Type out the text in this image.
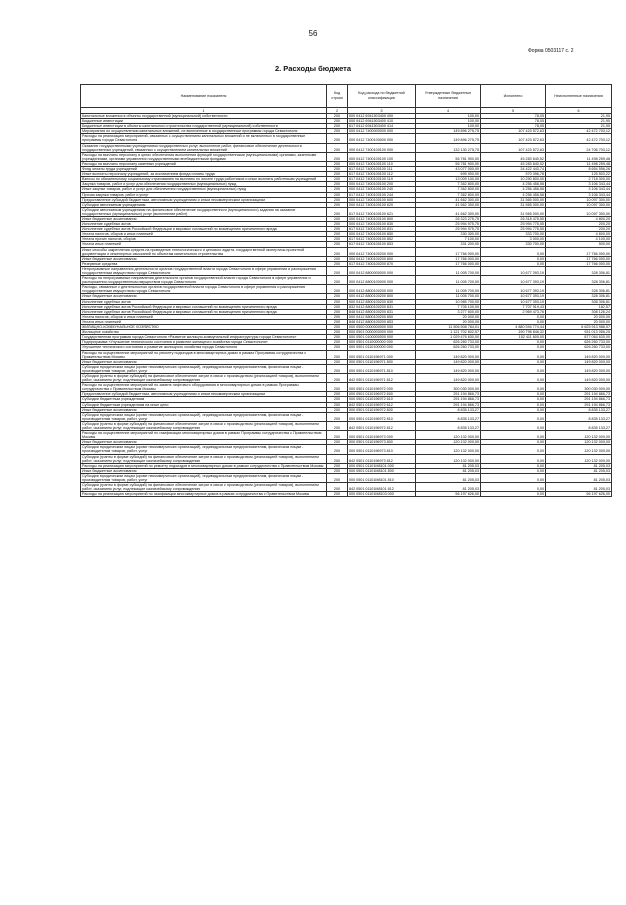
56
Форма 0503117 с. 2
2. Расходы бюджета
Наименование показателя	Код строки	Код расхода по бюджетной классификации	Утвержденные бюджетные назначения	Исполнено	Неисполненные назначения
1	2	3	4	5	6
Капитальные вложения в объекты государственной (муниципальной) собственности	200	000 0412 6941503400 400	100,00	78,05	21,95
Бюджетные инвестиции	200	000 0412 6941503400 410	100,00	78,05	21,95
Бюджетные инвестиции в объекты капитального строительства государственной (муниципальной) собственности	200	617 0412 6941503400 414	100,00	78,05	21,95
Мероприятия по осуществлению капитальных вложений, не включенные в государственные программы города Севастополя	200	000 0412 7400000000 000	149 896 275,75	107 423 572,63	42 472 703,12
Расходы на реализацию мероприятий, связанных с осуществлением капитальных вложений и не включенных в государственные программы города Севастополя	200	000 0412 7400100000 000	149 896 275,75	107 423 572,63	42 472 703,12
Оказание государственными учреждениями государственных услуг, выполнение работ, финансовое обеспечение деятельности государственных учреждений, связанных с осуществлением капитальных вложений	200	000 0412 7400100100 000	132 130 275,75	107 423 572,63	24 706 703,12
Расходы на выплаты персоналу в целях обеспечения выполнения функций государственными (муниципальными) органами, казенными учреждениями, органами управления государственными внебюджетными фондами	200	000 0412 7400100100 100	56 781 900,00	45 283 640,52	11 498 259,48
Расходы на выплаты персоналу казенных учреждений	200	000 0412 7400100100 110	56 781 900,00	45 283 640,52	11 498 259,48
Фонд оплаты труда учреждений	200	617 0412 7400100100 111	43 077 000,00	34 422 443,74	8 654 556,26
Иные выплаты персоналу учреждений, за исключением фонда оплаты труда	200	617 0412 7400100100 112	695 900,00	570 396,78	125 503,22
Взносы по обязательному социальному страхованию на выплаты по оплате труда работников и иные выплаты работникам учреждений	200	617 0412 7400100100 119	13 009 100,00	10 290 800,00	2 718 300,00
Закупка товаров, работ и услуг для обеспечения государственных (муниципальных) нужд	200	000 0412 7400100100 200	7 362 800,00	4 256 456,56	3 106 343,44
Иные закупки товаров, работ и услуг для обеспечения государственных (муниципальных) нужд	200	000 0412 7400100100 240	7 362 800,00	4 256 456,56	3 106 343,44
Прочая закупка товаров, работ и услуг	200	617 0412 7400100100 244	7 362 800,00	4 256 456,56	3 106 343,44
Предоставление субсидий бюджетным, автономным учреждениям и иным некоммерческим организациям	200	000 0412 7400100100 600	41 662 300,00	31 565 000,00	10 097 300,00
Субсидии автономным учреждениям	200	000 0412 7400100100 620	41 662 300,00	31 565 000,00	10 097 300,00
Субсидии автономным учреждениям на финансовое обеспечение государственного (муниципального) задания на оказание государственных (муниципальных) услуг (выполнение работ)	200	617 0412 7400100100 621	41 662 300,00	31 565 000,00	10 097 300,00
Иные бюджетные ассигнования	200	000 0412 7400100100 800	26 323 275,75	26 318 475,55	4 800,20
Исполнение судебных актов	200	000 0412 7400100100 830	25 994 975,75	25 994 775,55	200,20
Исполнение судебных актов Российской Федерации и мировых соглашений по возмещению причиненного вреда	200	617 0412 7400100100 831	25 994 975,75	25 994 775,55	200,20
Уплата налогов, сборов и иных платежей	200	000 0412 7400100100 850	330 300,00	333 700,00	4 600,00
Уплата прочих налогов, сборов	200	617 0412 7400100100 852	7 100,00	3 000,00	4 100,00
Уплата иных платежей	200	617 0412 7400100100 853	331 200,00	330 700,00	500,00
Иные способы закрепления средств на проведение технологического и ценового аудита, государственной экспертизы проектной документации и инженерных изысканий по объектам капитального строительства	200	000 0412 7400100200 000	17 766 000,00	0,00	17 766 000,00
Иные бюджетные ассигнования	200	000 0412 7400100200 800	17 766 000,00	0,00	17 766 000,00
Резервные средства	200	617 0412 7400100200 870	17 766 000,00	0,00	17 766 000,00
Непрограммные направления деятельности органов государственной власти города Севастополя в сфере управления и распоряжения государственным имуществом города Севастополя	200	000 0412 8800000000 000	11 005 700,00	10 677 393,19	328 306,81
Расходы на непрограммные направления деятельности органов государственной власти города Севастополя в сфере управления и распоряжения государственным имуществом города Севастополя	200	000 0412 8800100000 000	11 005 700,00	10 677 393,19	328 306,81
Расходы, связанные с деятельностью органов государственной власти города Севастополя в сфере управления и распоряжения государственным имуществом города Севастополя	200	000 0412 8800100200 000	11 005 700,00	10 677 393,19	328 306,81
Иные бюджетные ассигнования	200	000 0412 8800100200 800	11 005 700,00	10 677 393,19	328 306,81
Исполнение судебных актов	200	000 0412 8800100200 830	10 985 700,00	10 677 393,19	308 306,81
Исполнение судебных актов Российской Федерации и мировых соглашений по возмещению причиненного вреда	200	832 0412 8800100200 831	7 705 100,00	7 707 919,43	182,57
Исполнение судебных актов Российской Федерации и мировых соглашений по возмещению причиненного вреда	200	848 0412 8800100200 831	3 277 600,00	2 969 473,76	308 126,24
Уплата налогов, сборов и иных платежей	200	000 0412 8800100200 850	20 000,00	0,00	20 000,00
Уплата иных платежей	200	848 0412 8800100200 853	20 000,00	0,00	20 000,00
ЖИЛИЩНО-КОММУНАЛЬНОЕ ХОЗЯЙСТВО	200	000 0500 0000000000 000	11 506 508 784,01	4 880 594 774,44	6 625 913 988,57
Жилищное хозяйство	200	000 0501 0000000000 000	1 121 702 602,57	190 798 846,32	931 013 056,25
Государственная программа города Севастополя «Развитие жилищно-коммунальной инфраструктуры города Севастополя»	200	000 0501 0100000000 000	1 029 476 630,00	152 411 600,00	877 064 630,00
Подпрограмма «Улучшение технического состояния и развитие жилищного хозяйства города Севастополя»	200	000 0501 0110000000 000	626 260 733,00	0,00	626 260 733,00
Улучшение технического состояния и развитие жилищного хозяйства города Севастополя	200	000 0501 0110100000 000	626 260 733,00	0,00	626 260 733,00
Расходы на осуществление мероприятий по ремонту подъездов в многоквартирных домах в рамках Программы сотрудничества с Правительством Москвы	200	000 0501 0110196971 000	149 820 000,00	0,00	149 820 000,00
Иные бюджетные ассигнования	200	000 0501 0110196971 800	149 820 000,00	0,00	149 820 000,00
Субсидии юридическим лицам (кроме некоммерческих организаций), индивидуальным предпринимателям, физическим лицам - производителям товаров, работ, услуг	200	000 0501 0110196971 810	149 820 000,00	0,00	149 820 000,00
Субсидии (гранты в форме субсидий) на финансовое обеспечение затрат в связи с производством (реализацией товаров), выполнением работ, оказанием услуг, подлежащие казначейскому сопровождению	200	842 0501 0110196971 812	149 820 000,00	0,00	149 820 000,00
Расходы на осуществление мероприятий по замене лифтового оборудования в многоквартирных домах в рамках Программы сотрудничества с Правительством Москвы	200	000 0501 0110196972 000	300 030 000,00	0,00	300 030 000,00
Предоставление субсидий бюджетным, автономным учреждениям и иным некоммерческим организациям	200	000 0501 0110196972 600	291 194 866,73	0,00	291 194 866,73
Субсидии бюджетным учреждениям	200	000 0501 0110196972 610	291 194 866,73	0,00	291 194 866,73
Субсидии бюджетным учреждениям на иные цели	200	842 0501 0110196972 612	291 194 866,73	0,00	291 194 866,73
Иные бюджетные ассигнования	200	000 0501 0110196972 800	8 835 133,27	0,00	8 835 133,27
Субсидии юридическим лицам (кроме некоммерческих организаций), индивидуальным предпринимателям, физическим лицам - производителям товаров, работ, услуг	200	000 0501 0110196972 810	8 835 133,27	0,00	8 835 133,27
Субсидии (гранты в форме субсидий) на финансовое обеспечение затрат в связи с производством (реализацией товаров), выполнением работ, оказанием услуг, подлежащие казначейскому сопровождению	200	842 0501 0110196972 812	8 835 133,27	0,00	8 835 133,27
Расходы на осуществление мероприятий по газификации многоквартирных домов в рамках Программы сотрудничества с Правительством Москвы	200	000 0501 0110196973 000	120 132 000,00	0,00	120 132 000,00
Иные бюджетные ассигнования	200	000 0501 0110196973 800	120 132 000,00	0,00	120 132 000,00
Субсидии юридическим лицам (кроме некоммерческих организаций), индивидуальным предпринимателям, физическим лицам - производителям товаров, работ, услуг	200	000 0501 0110196973 810	120 132 000,00	0,00	120 132 000,00
Субсидии (гранты в форме субсидий) на финансовое обеспечение затрат в связи с производством (реализацией товаров), выполнением работ, оказанием услуг, подлежащие казначейскому сопровождению	200	842 0501 0110196973 812	120 132 000,00	0,00	120 132 000,00
Расходы на реализацию мероприятий по ремонту подъездов в многоквартирных домах в рамках сотрудничества с Правительством Москвы	200	000 0501 01101М8101 000	81 205,03	0,00	81 205,03
Иные бюджетные ассигнования	200	000 0501 01101М8101 800	81 205,03	0,00	81 205,03
Субсидии юридическим лицам (кроме некоммерческих организаций), индивидуальным предпринимателям, физическим лицам - производителям товаров, работ, услуг	200	000 0501 01101М8101 810	81 205,03	0,00	81 205,03
Субсидии (гранты в форме субсидий) на финансовое обеспечение затрат в связи с производством (реализацией товаров), выполнением работ, оказанием услуг, подлежащие казначейскому сопровождению	200	842 0501 01101М8101 812	81 205,03	0,00	81 205,03
Расходы на реализацию мероприятий по газификации многоквартирных домов в рамках сотрудничества с Правительством Москвы	200	000 0501 01101М8103 000	56 197 626,00	0,00	56 197 626,00
